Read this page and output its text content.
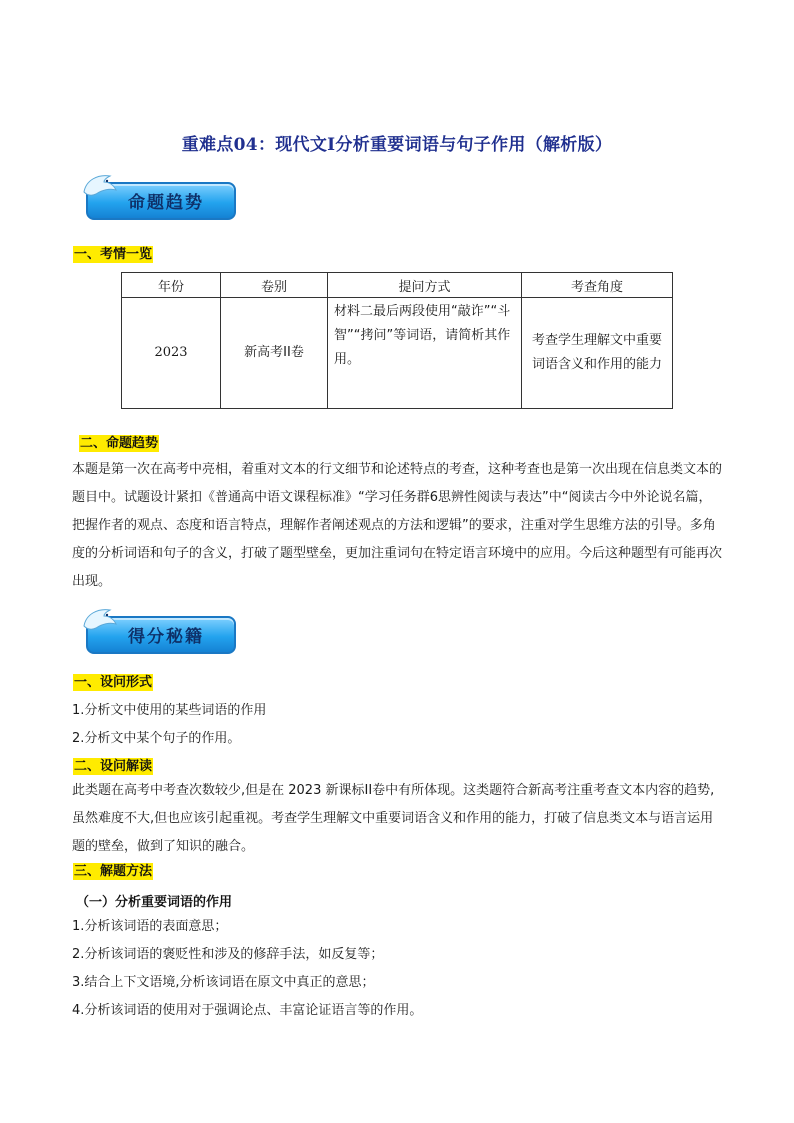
重难点04：现代文I分析重要词语与句子作用（解析版）
命题趋势
一、考情一览
年份	卷别	提问方式	考查角度
2023	新高考II卷	材料二最后两段使用“敲诈”“斗智”“拷问”等词语，请简析其作用。	考查学生理解文中重要词语含义和作用的能力
二、命题趋势
本题是第一次在高考中亮相，着重对文本的行文细节和论述特点的考查，这种考查也是第一次出现在信息类文本的题目中。试题设计紧扣《普通高中语文课程标准》“学习任务群6思辨性阅读与表达”中“阅读古今中外论说名篇，把握作者的观点、态度和语言特点，理解作者阐述观点的方法和逻辑”的要求，注重对学生思维方法的引导。多角度的分析词语和句子的含义，打破了题型壁垒，更加注重词句在特定语言环境中的应用。今后这种题型有可能再次出现。
得分秘籍
一、设问形式
1.分析文中使用的某些词语的作用
2.分析文中某个句子的作用。
二、设问解读
此类题在高考中考查次数较少,但是在 2023 新课标II卷中有所体现。这类题符合新高考注重考查文本内容的趋势,虽然难度不大,但也应该引起重视。考查学生理解文中重要词语含义和作用的能力，打破了信息类文本与语言运用题的壁垒，做到了知识的融合。
三、解题方法
（一）分析重要词语的作用
1.分析该词语的表面意思；
2.分析该词语的褒贬性和涉及的修辞手法，如反复等；
3.结合上下文语境,分析该词语在原文中真正的意思；
4.分析该词语的使用对于强调论点、丰富论证语言等的作用。
